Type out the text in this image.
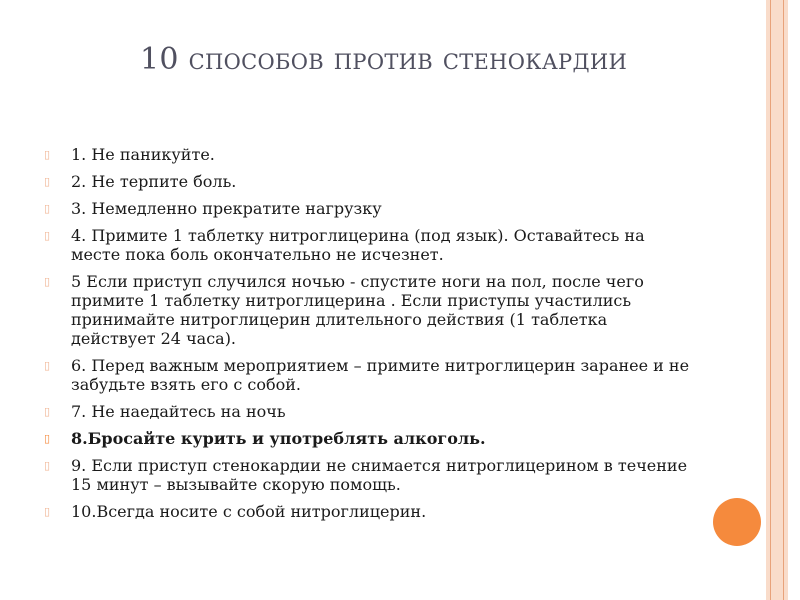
10 способов против стенокардии
▯	1. Не паникуйте.
▯	2. Не терпите боль.
▯	3. Немедленно прекратите нагрузку
▯	4. Примите 1 таблетку нитроглицерина (под язык). Оставайтесь на месте пока боль окончательно не исчезнет.
▯	5 Если приступ случился ночью - спустите ноги на пол, после чего примите 1 таблетку нитроглицерина . Если приступы участились принимайте нитроглицерин длительного действия (1 таблетка действует 24 часа).
▯	6. Перед важным мероприятием – примите нитроглицерин заранее и не забудьте взять его с собой.
▯	7. Не наедайтесь на ночь
▯	8.Бросайте курить и употреблять алкоголь.
▯	9. Если приступ стенокардии не снимается нитроглицерином в течение 15 минут – вызывайте скорую помощь.
▯	10.Всегда носите с собой нитроглицерин.
